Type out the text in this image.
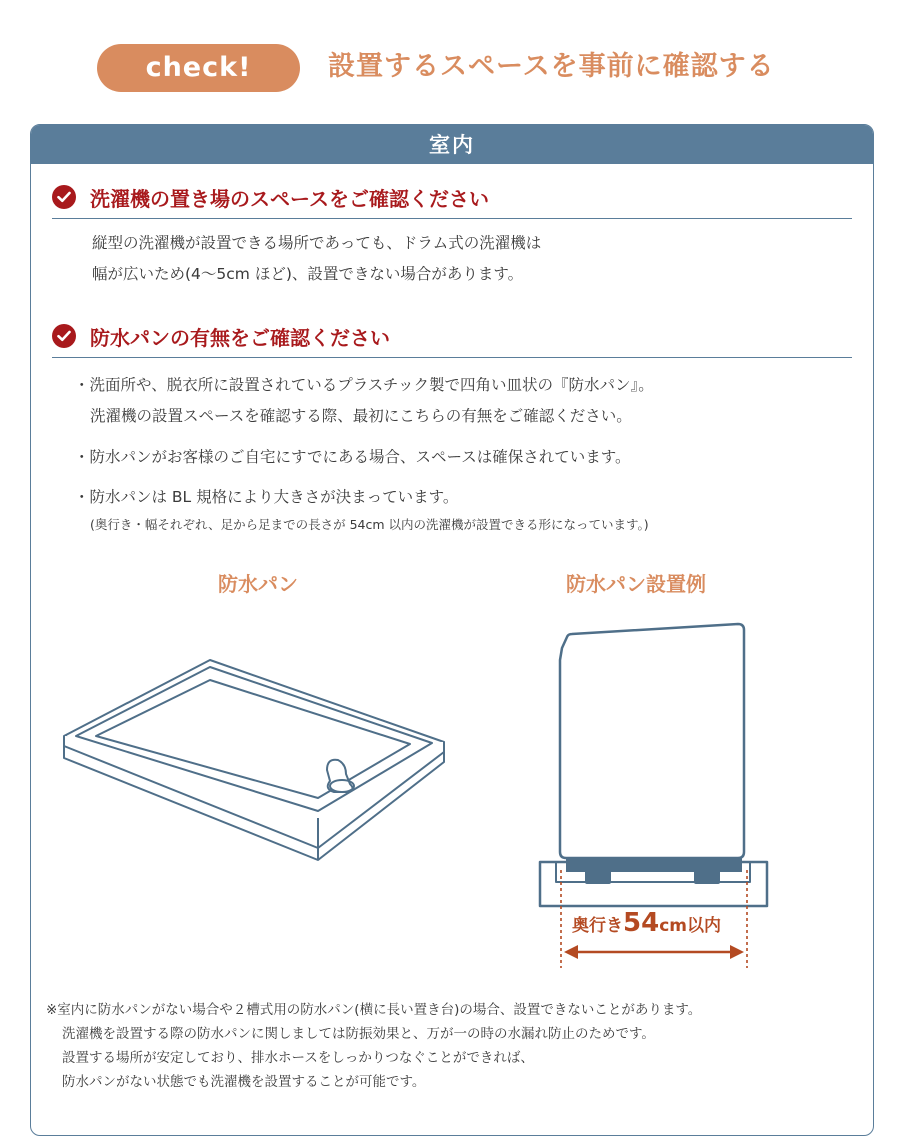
check!	設置するスペースを事前に確認する
室内
洗濯機の置き場のスペースをご確認ください
縦型の洗濯機が設置できる場所であっても、ドラム式の洗濯機は
幅が広いため(4～5cm ほど)、設置できない場合があります。
防水パンの有無をご確認ください
・洗面所や、脱衣所に設置されているプラスチック製で四角い皿状の『防水パン』。
洗濯機の設置スペースを確認する際、最初にこちらの有無をご確認ください。
・防水パンがお客様のご自宅にすでにある場合、スペースは確保されています。
・防水パンは BL 規格により大きさが決まっています。
(奥行き・幅それぞれ、足から足までの長さが 54cm 以内の洗濯機が設置できる形になっています。)
防水パン	防水パン設置例
奥行き54cm以内
※室内に防水パンがない場合や２槽式用の防水パン(横に長い置き台)の場合、設置できないことがあります。
洗濯機を設置する際の防水パンに関しましては防振効果と、万が一の時の水漏れ防止のためです。
設置する場所が安定しており、排水ホースをしっかりつなぐことができれば、
防水パンがない状態でも洗濯機を設置することが可能です。
